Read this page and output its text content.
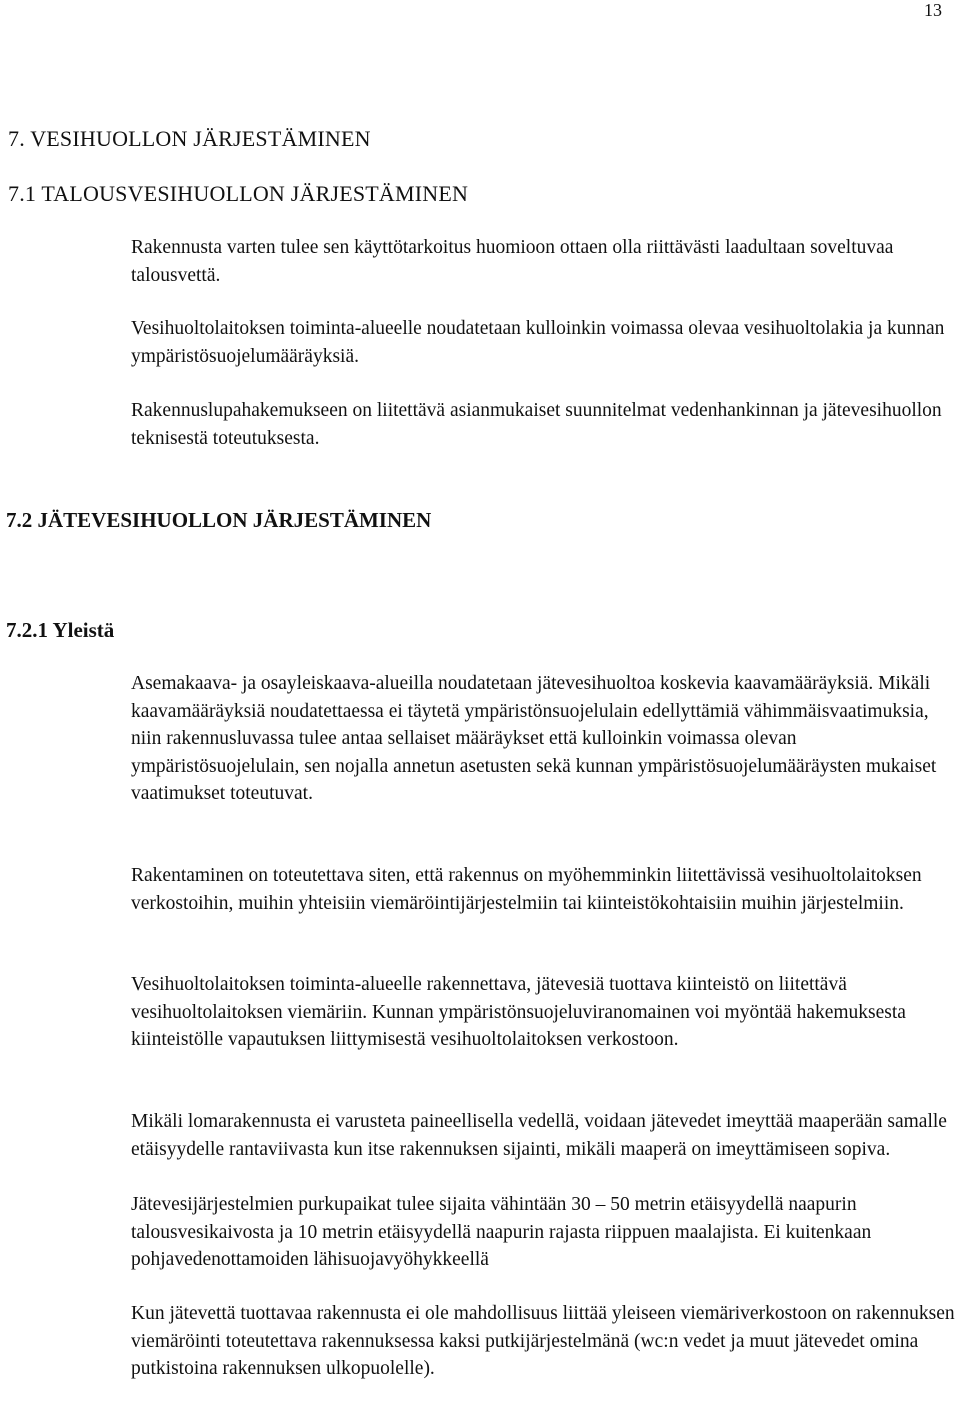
13
7. VESIHUOLLON JÄRJESTÄMINEN
7.1 TALOUSVESIHUOLLON JÄRJESTÄMINEN

Rakennusta varten tulee sen käyttötarkoitus huomioon ottaen olla riittävästi laadultaan soveltuvaa talousvettä.

Vesihuoltolaitoksen toiminta-alueelle noudatetaan kulloinkin voimassa olevaa vesihuoltolakia ja kunnan ympäristösuojelumääräyksiä.

Rakennuslupahakemukseen on liitettävä asianmukaiset suunnitelmat vedenhankinnan ja jätevesihuollon teknisestä toteutuksesta.

7.2 JÄTEVESIHUOLLON JÄRJESTÄMINEN
7.2.1 Yleistä

Asemakaava- ja osayleiskaava-alueilla noudatetaan jätevesihuoltoa koskevia kaavamääräyksiä. Mikäli kaavamääräyksiä noudatettaessa ei täytetä ympäristönsuojelulain edellyttämiä vähimmäisvaatimuksia, niin rakennusluvassa tulee antaa sellaiset määräykset että kulloinkin voimassa olevan ympäristösuojelulain, sen nojalla annetun asetusten sekä kunnan ympäristösuojelumääräysten mukaiset vaatimukset toteutuvat.

Rakentaminen on toteutettava siten, että rakennus on myöhemminkin liitettävissä vesihuoltolaitoksen verkostoihin, muihin yhteisiin viemäröintijärjestelmiin tai kiinteistökohtaisiin muihin järjestelmiin.

Vesihuoltolaitoksen toiminta-alueelle rakennettava, jätevesiä tuottava kiinteistö on liitettävä vesihuoltolaitoksen viemäriin. Kunnan ympäristönsuojeluviranomainen voi myöntää hakemuksesta kiinteistölle vapautuksen liittymisestä vesihuoltolaitoksen verkostoon.

Mikäli lomarakennusta ei varusteta paineellisella vedellä, voidaan jätevedet imeyttää maaperään samalle etäisyydelle rantaviivasta kun itse rakennuksen sijainti, mikäli maaperä on imeyttämiseen sopiva.

Jätevesijärjestelmien purkupaikat tulee sijaita vähintään 30 – 50 metrin etäisyydellä naapurin talousvesikaivosta ja 10 metrin etäisyydellä naapurin rajasta riippuen maalajista. Ei kuitenkaan pohjavedenottamoiden lähisuojavyöhykkeellä

Kun jätevettä tuottavaa rakennusta ei ole mahdollisuus liittää yleiseen viemäriverkostoon on rakennuksen viemäröinti toteutettava rakennuksessa kaksi putkijärjestelmänä (wc:n vedet ja muut jätevedet omina putkistoina rakennuksen ulkopuolelle).
